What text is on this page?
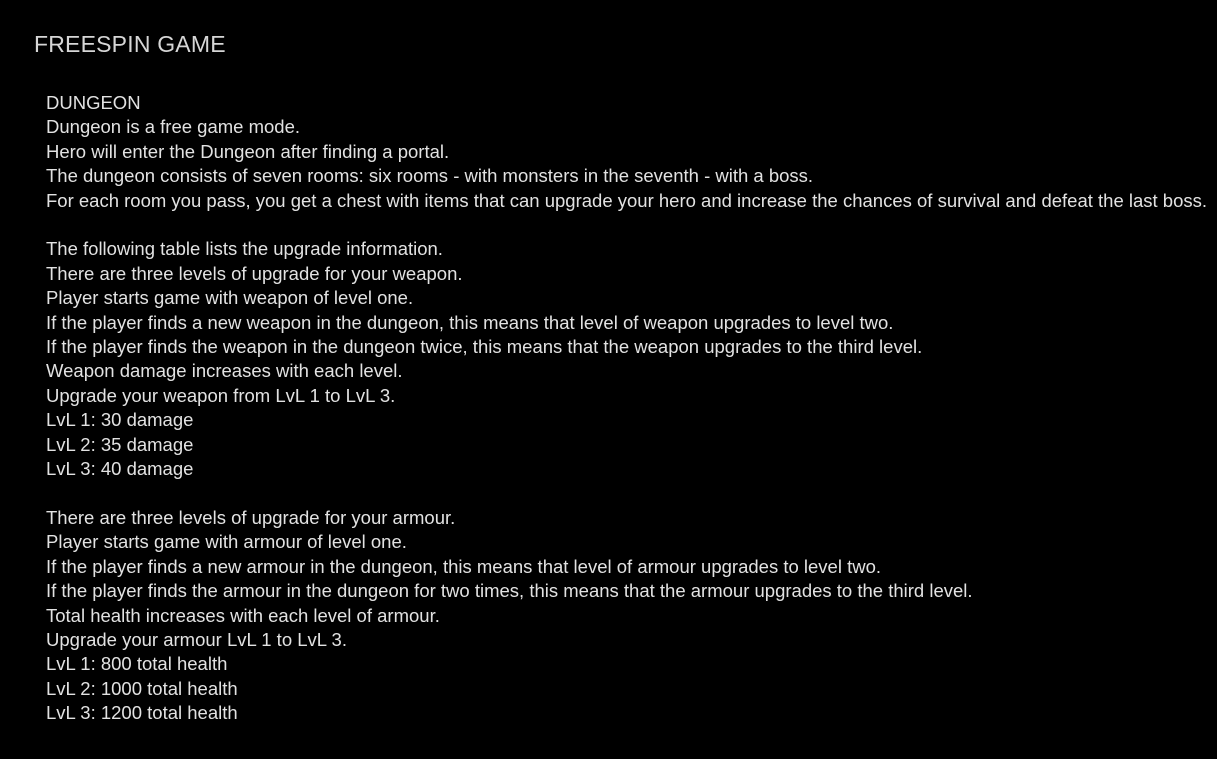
FREESPIN GAME
DUNGEON
Dungeon is a free game mode.
Hero will enter the Dungeon after finding a portal.
The dungeon consists of seven rooms: six rooms - with monsters in the seventh - with a boss.
For each room you pass, you get a chest with items that can upgrade your hero and increase the chances of survival and defeat the last boss.
The following table lists the upgrade information.
There are three levels of upgrade for your weapon.
Player starts game with weapon of level one.
If the player finds a new weapon in the dungeon, this means that level of weapon upgrades to level two.
If the player finds the weapon in the dungeon twice, this means that the weapon upgrades to the third level.
Weapon damage increases with each level.
Upgrade your weapon from LvL 1 to LvL 3.
LvL 1: 30 damage
LvL 2: 35 damage
LvL 3: 40 damage
There are three levels of upgrade for your armour.
Player starts game with armour of level one.
If the player finds a new armour in the dungeon, this means that level of armour upgrades to level two.
If the player finds the armour in the dungeon for two times, this means that the armour upgrades to the third level.
Total health increases with each level of armour.
Upgrade your armour LvL 1 to LvL 3.
LvL 1: 800 total health
LvL 2: 1000 total health
LvL 3: 1200 total health
